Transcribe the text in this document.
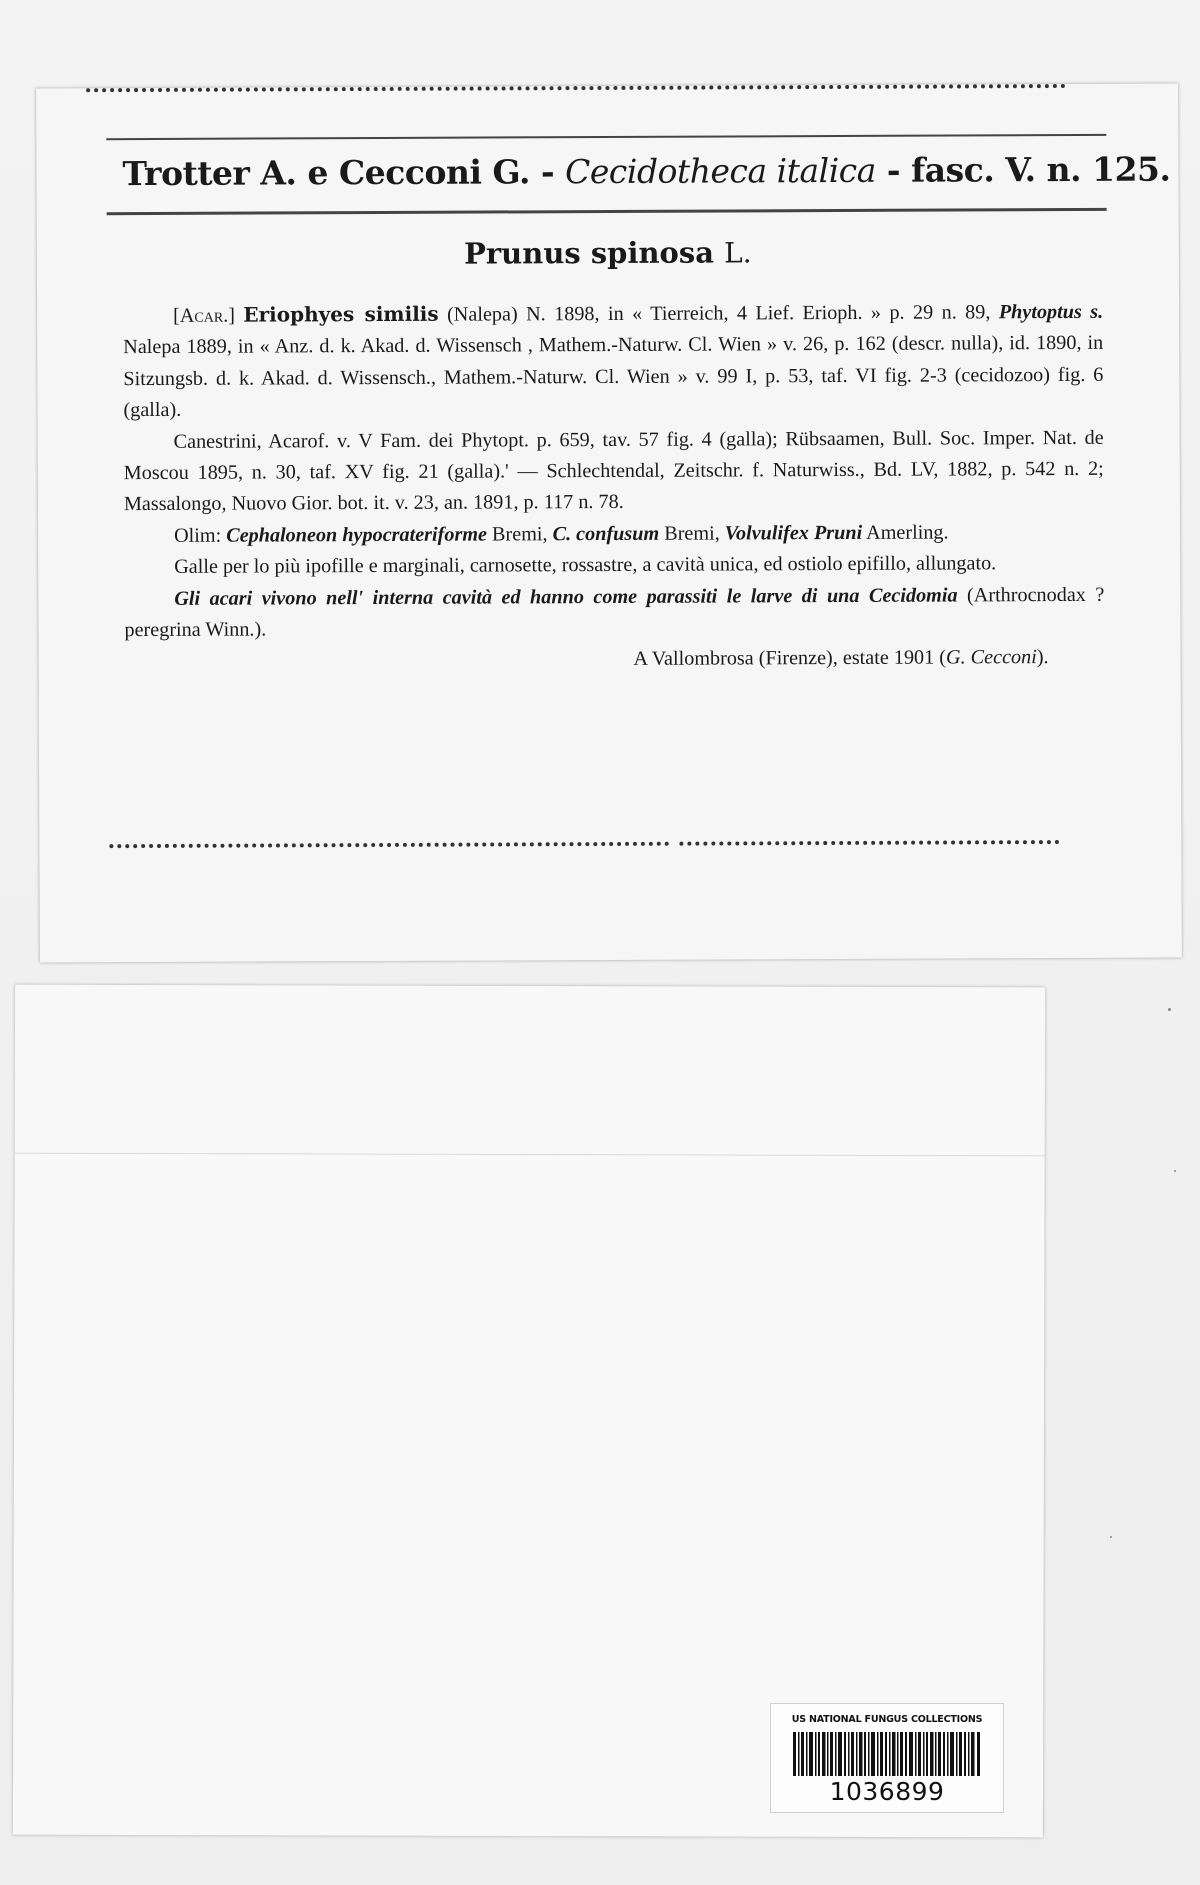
Trotter A. e Cecconi G. - Cecidotheca italica - fasc. V. n. 125.
Prunus spinosa L.

[Acar.] Eriophyes similis (Nalepa) N. 1898, in « Tierreich, 4 Lief. Erioph. » p. 29 n. 89, Phytoptus s. Nalepa 1889, in « Anz. d. k. Akad. d. Wissensch , Mathem.-Naturw. Cl. Wien » v. 26, p. 162 (descr. nulla), id. 1890, in Sitzungsb. d. k. Akad. d. Wissensch., Mathem.-Naturw. Cl. Wien » v. 99 I, p. 53, taf. VI fig. 2-3 (cecidozoo) fig. 6 (galla).

Canestrini, Acarof. v. V Fam. dei Phytopt. p. 659, tav. 57 fig. 4 (galla); Rübsaamen, Bull. Soc. Imper. Nat. de Moscou 1895, n. 30, taf. XV fig. 21 (galla).' — Schlechtendal, Zeitschr. f. Naturwiss., Bd. LV, 1882, p. 542 n. 2; Massalongo, Nuovo Gior. bot. it. v. 23, an. 1891, p. 117 n. 78.

Olim: Cephaloneon hypocrateriforme Bremi, C. confusum Bremi, Volvulifex Pruni Amerling.

Galle per lo più ipofille e marginali, carnosette, rossastre, a cavità unica, ed ostiolo epifillo, allungato.

Gli acari vivono nell' interna cavità ed hanno come parassiti le larve di una Cecidomia (Arthrocnodax ? peregrina Winn.).

A Vallombrosa (Firenze), estate 1901 (G. Cecconi).

US NATIONAL FUNGUS COLLECTIONS
1036899
